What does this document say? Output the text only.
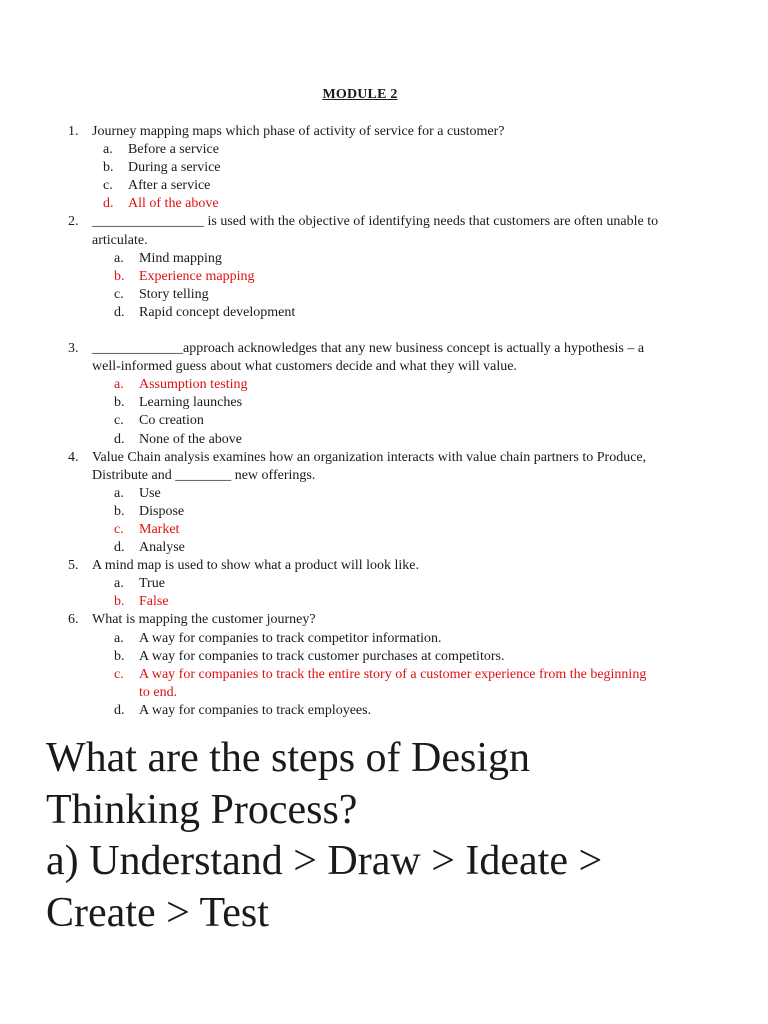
MODULE 2
1. Journey mapping maps which phase of activity of service for a customer?
a. Before a service
b. During a service
c. After a service
d. All of the above
2. ________________ is used with the objective of identifying needs that customers are often unable to articulate.
a. Mind mapping
b. Experience mapping
c. Story telling
d. Rapid concept development
3. _____________approach acknowledges that any new business concept is actually a hypothesis – a well-informed guess about what customers decide and what they will value.
a. Assumption testing
b. Learning launches
c. Co creation
d. None of the above
4. Value Chain analysis examines how an organization interacts with value chain partners to Produce, Distribute and ________ new offerings.
a. Use
b. Dispose
c. Market
d. Analyse
5. A mind map is used to show what a product will look like.
a. True
b. False
6. What is mapping the customer journey?
a. A way for companies to track competitor information.
b. A way for companies to track customer purchases at competitors.
c. A way for companies to track the entire story of a customer experience from the beginning to end.
d. A way for companies to track employees.
What are the steps of Design
Thinking Process?
a) Understand > Draw > Ideate >
Create > Test
